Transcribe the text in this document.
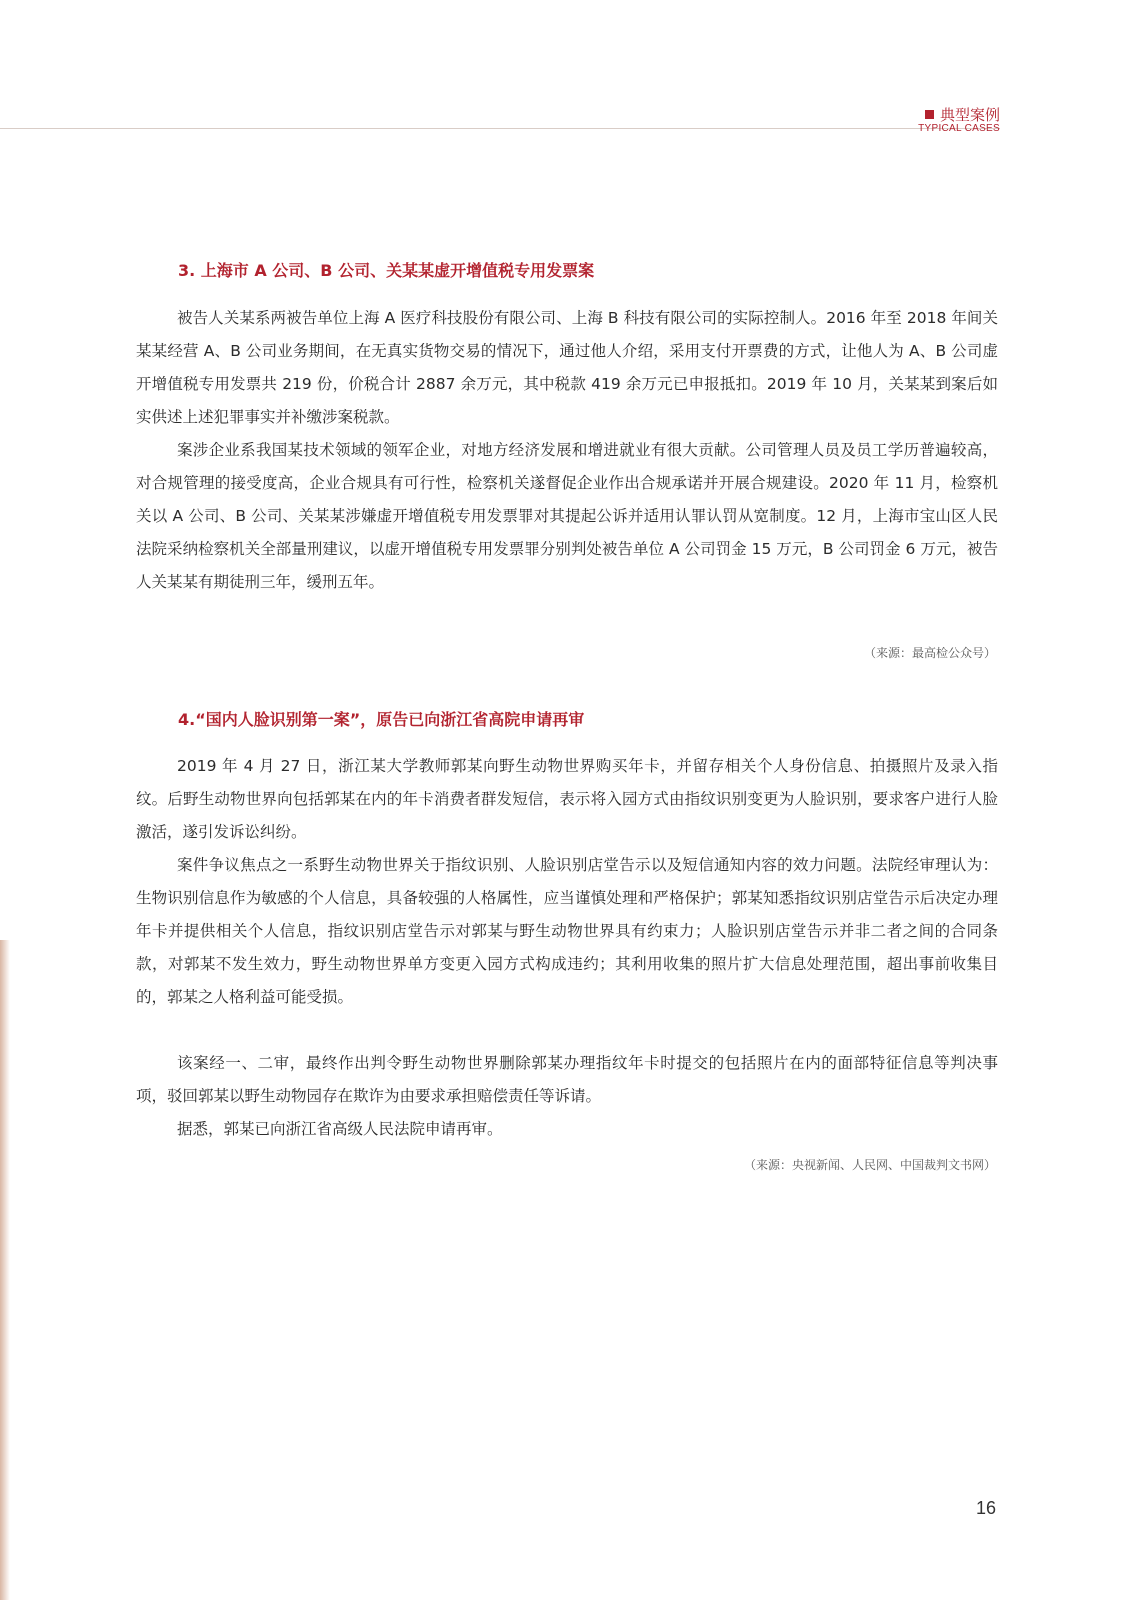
典型案例
TYPICAL CASES
3. 上海市 A 公司、B 公司、关某某虚开增值税专用发票案

被告人关某系两被告单位上海 A 医疗科技股份有限公司、上海 B 科技有限公司的实际控制人。2016 年至 2018 年间关某某经营 A、B 公司业务期间，在无真实货物交易的情况下，通过他人介绍，采用支付开票费的方式，让他人为 A、B 公司虚开增值税专用发票共 219 份，价税合计 2887 余万元，其中税款 419 余万元已申报抵扣。2019 年 10 月，关某某到案后如实供述上述犯罪事实并补缴涉案税款。

案涉企业系我国某技术领域的领军企业，对地方经济发展和增进就业有很大贡献。公司管理人员及员工学历普遍较高，对合规管理的接受度高，企业合规具有可行性，检察机关遂督促企业作出合规承诺并开展合规建设。2020 年 11 月，检察机关以 A 公司、B 公司、关某某涉嫌虚开增值税专用发票罪对其提起公诉并适用认罪认罚从宽制度。12 月，上海市宝山区人民法院采纳检察机关全部量刑建议，以虚开增值税专用发票罪分别判处被告单位 A 公司罚金 15 万元，B 公司罚金 6 万元，被告人关某某有期徒刑三年，缓刑五年。

（来源：最高检公众号）
4.“国内人脸识别第一案”，原告已向浙江省高院申请再审

2019 年 4 月 27 日，浙江某大学教师郭某向野生动物世界购买年卡，并留存相关个人身份信息、拍摄照片及录入指纹。后野生动物世界向包括郭某在内的年卡消费者群发短信，表示将入园方式由指纹识别变更为人脸识别，要求客户进行人脸激活，遂引发诉讼纠纷。

案件争议焦点之一系野生动物世界关于指纹识别、人脸识别店堂告示以及短信通知内容的效力问题。法院经审理认为：生物识别信息作为敏感的个人信息，具备较强的人格属性，应当谨慎处理和严格保护；郭某知悉指纹识别店堂告示后决定办理年卡并提供相关个人信息，指纹识别店堂告示对郭某与野生动物世界具有约束力；人脸识别店堂告示并非二者之间的合同条款，对郭某不发生效力，野生动物世界单方变更入园方式构成违约；其利用收集的照片扩大信息处理范围，超出事前收集目的，郭某之人格利益可能受损。

该案经一、二审，最终作出判令野生动物世界删除郭某办理指纹年卡时提交的包括照片在内的面部特征信息等判决事项，驳回郭某以野生动物园存在欺诈为由要求承担赔偿责任等诉请。

据悉，郭某已向浙江省高级人民法院申请再审。

（来源：央视新闻、人民网、中国裁判文书网）
16
